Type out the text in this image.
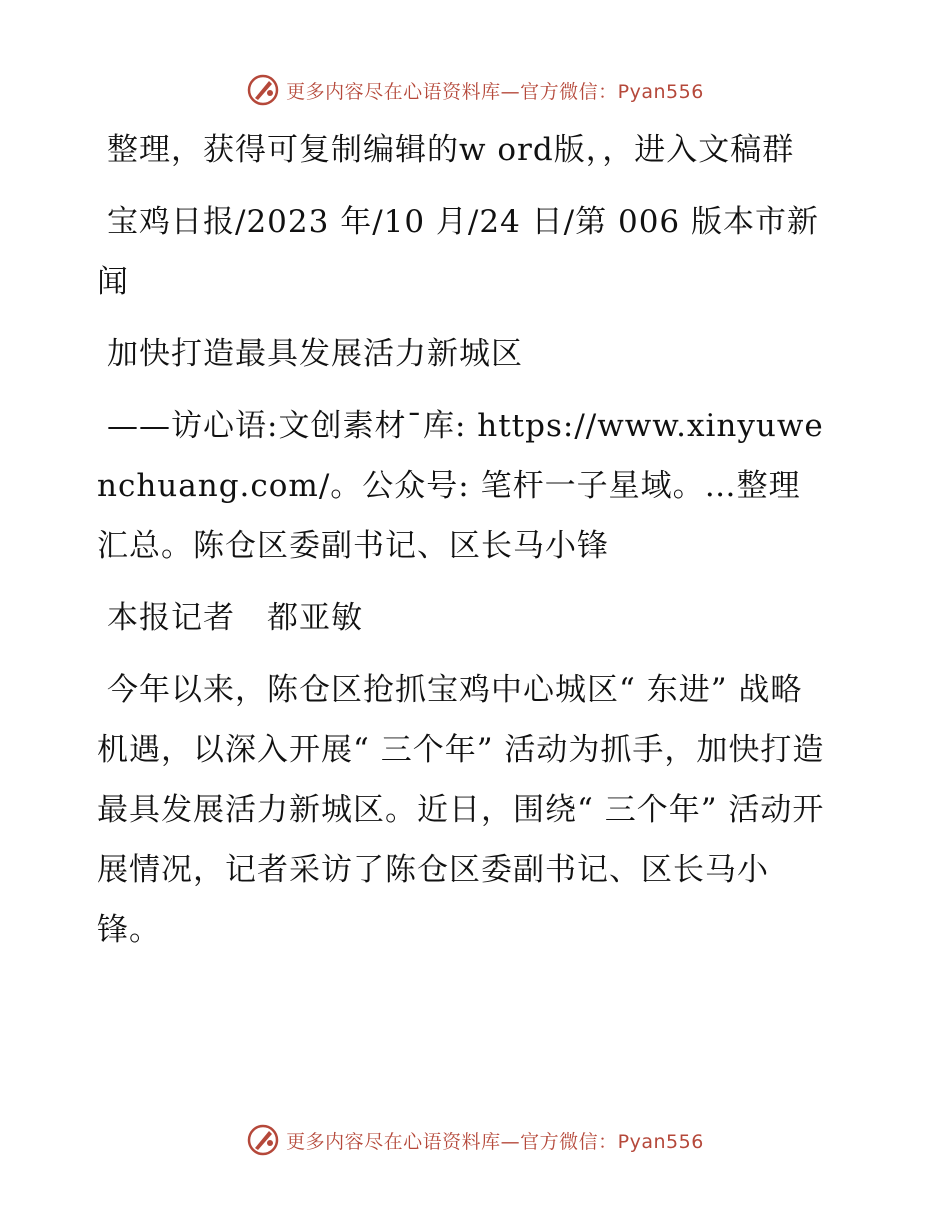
更多内容尽在心语资料库—官方微信：Pyan556

整理，获得可复制编辑的w ord版，，进入文稿群

宝鸡日报/2023 年/10 月/24 日/第 006 版本市新闻

加快打造最具发展活力新城区

——访心语:文创素材¯库: https://www.xinyuwenchuang.com/。公众号: 笔杆一子星域。…整理汇总。陈仓区委副书记、区长马小锋

本报记者　都亚敏

今年以来，陈仓区抢抓宝鸡中心城区“ 东进” 战略机遇，以深入开展“ 三个年” 活动为抓手，加快打造最具发展活力新城区。近日，围绕“ 三个年” 活动开展情况，记者采访了陈仓区委副书记、区长马小锋。

更多内容尽在心语资料库—官方微信：Pyan556
